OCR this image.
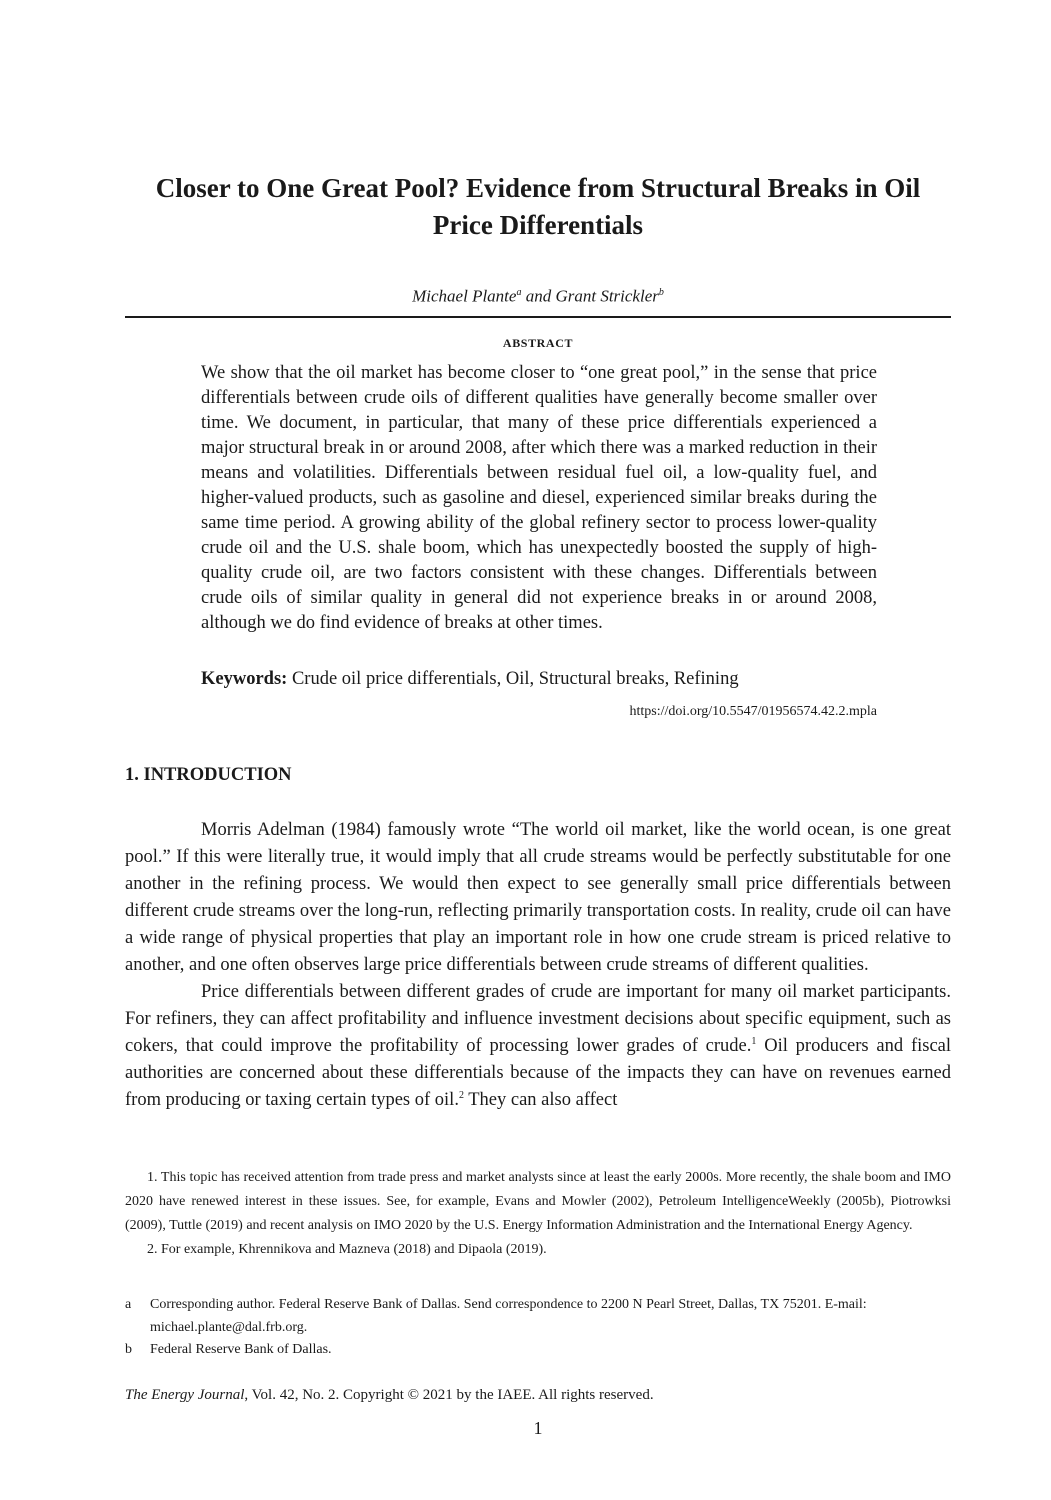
Closer to One Great Pool? Evidence from Structural Breaks in Oil Price Differentials
Michael Plante$^a$ and Grant Strickler$^b$
ABSTRACT
We show that the oil market has become closer to “one great pool,” in the sense that price differentials between crude oils of different qualities have generally become smaller over time. We document, in particular, that many of these price differentials experienced a major structural break in or around 2008, after which there was a marked reduction in their means and volatilities. Differentials between residual fuel oil, a low-quality fuel, and higher-valued products, such as gasoline and diesel, experienced similar breaks during the same time period. A growing ability of the global refinery sector to process lower-quality crude oil and the U.S. shale boom, which has unexpectedly boosted the supply of high-quality crude oil, are two factors consistent with these changes. Differentials between crude oils of similar quality in general did not experience breaks in or around 2008, although we do find evidence of breaks at other times.
Keywords: Crude oil price differentials, Oil, Structural breaks, Refining
https://doi.org/10.5547/01956574.42.2.mpla
1. INTRODUCTION

Morris Adelman (1984) famously wrote “The world oil market, like the world ocean, is one great pool.” If this were literally true, it would imply that all crude streams would be perfectly substitutable for one another in the refining process. We would then expect to see generally small price differentials between different crude streams over the long-run, reflecting primarily transportation costs. In reality, crude oil can have a wide range of physical properties that play an important role in how one crude stream is priced relative to another, and one often observes large price differentials between crude streams of different qualities.

Price differentials between different grades of crude are important for many oil market participants. For refiners, they can affect profitability and influence investment decisions about specific equipment, such as cokers, that could improve the profitability of processing lower grades of crude.$^1$ Oil producers and fiscal authorities are concerned about these differentials because of the impacts they can have on revenues earned from producing or taxing certain types of oil.$^2$ They can also affect

1. This topic has received attention from trade press and market analysts since at least the early 2000s. More recently, the shale boom and IMO 2020 have renewed interest in these issues. See, for example, Evans and Mowler (2002), Petroleum IntelligenceWeekly (2005b), Piotrowksi (2009), Tuttle (2019) and recent analysis on IMO 2020 by the U.S. Energy Information Administration and the International Energy Agency.

2. For example, Khrennikova and Mazneva (2018) and Dipaola (2019).

a	Corresponding author. Federal Reserve Bank of Dallas. Send correspondence to 2200 N Pearl Street, Dallas, TX 75201. E-mail: michael.plante@dal.frb.org.
b	Federal Reserve Bank of Dallas.
The Energy Journal, Vol. 42, No. 2. Copyright © 2021 by the IAEE. All rights reserved.
1
